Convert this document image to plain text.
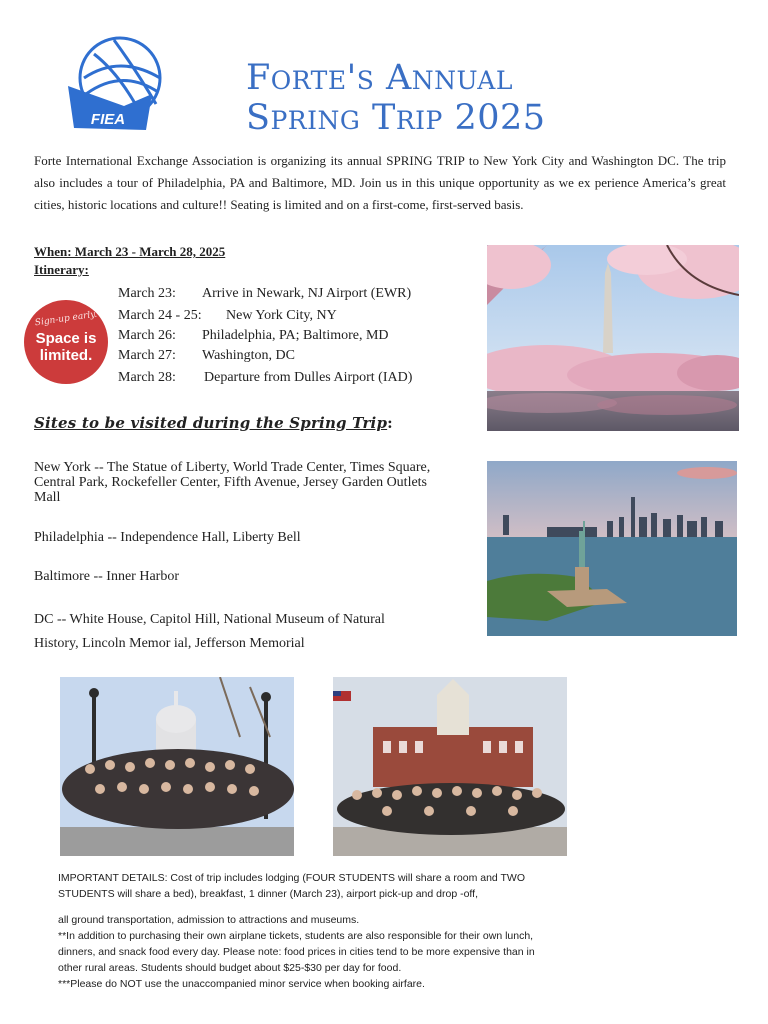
FIEA
Forte's Annual
Spring Trip 2025
Forte International Exchange Association is organizing its annual SPRING TRIP to New York City and Washington DC. The trip also includes a tour of Philadelphia, PA and Baltimore, MD. Join us in this unique opportunity as we ex perience America’s great cities, historic locations and culture!! Seating is limited and on a first-come, first-served basis.
When: March 23 - March 28, 2025
Itinerary:
Sign-up early.
Space is limited.
March 23: Arrive in Newark, NJ Airport (EWR)
March 24 - 25: New York City, NY
March 26: Philadelphia, PA; Baltimore, MD
March 27: Washington, DC
March 28: Departure from Dulles Airport (IAD)
Sites to be visited during the Spring Trip:
New York -- The Statue of Liberty, World Trade Center, Times Square, Central Park, Rockefeller Center, Fifth Avenue, Jersey Garden Outlets Mall
Philadelphia -- Independence Hall, Liberty Bell
Baltimore -- Inner Harbor
DC -- White House, Capitol Hill, National Museum of Natural History, Lincoln Memor ial, Jefferson Memorial

IMPORTANT DETAILS: Cost of trip includes lodging (FOUR STUDENTS will share a room and TWO STUDENTS will share a bed), breakfast, 1 dinner (March 23), airport pick-up and drop -off,

all ground transportation, admission to attractions and museums.

**In addition to purchasing their own airplane tickets, students are also responsible for their own lunch, dinners, and snack food every day. Please note: food prices in cities tend to be more expensive than in other rural areas. Students should budget about $25-$30 per day for food.

***Please do NOT use the unaccompanied minor service when booking airfare.
